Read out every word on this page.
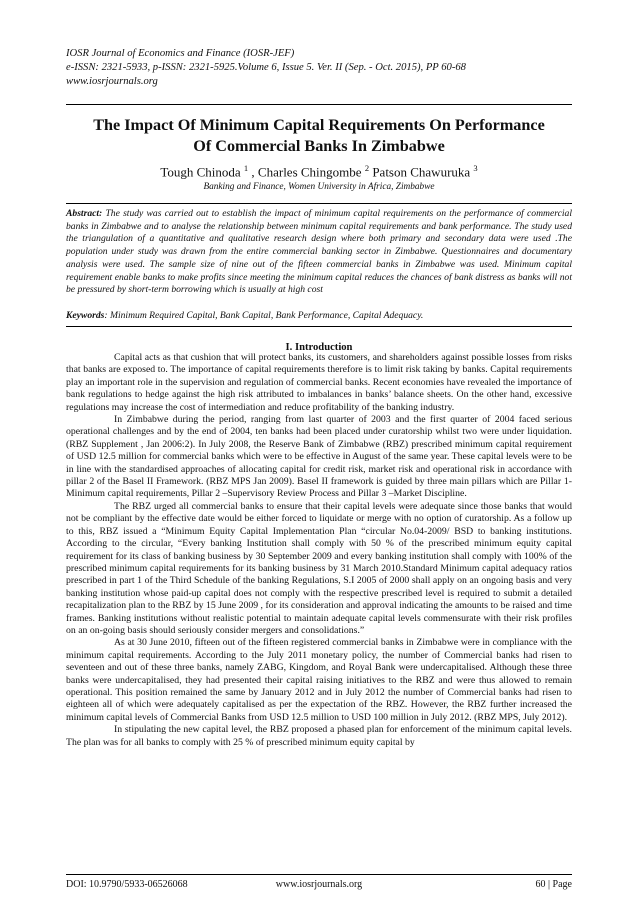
IOSR Journal of Economics and Finance (IOSR-JEF)
e-ISSN: 2321-5933, p-ISSN: 2321-5925.Volume 6, Issue 5. Ver. II (Sep. - Oct. 2015), PP 60-68
www.iosrjournals.org
The Impact Of Minimum Capital Requirements On Performance
Of Commercial Banks In Zimbabwe
Tough Chinoda $^1$ , Charles Chingombe $^2$ Patson Chawuruka $^3$
Banking and Finance, Women University in Africa, Zimbabwe
Abstract: The study was carried out to establish the impact of minimum capital requirements on the performance of commercial banks in Zimbabwe and to analyse the relationship between minimum capital requirements and bank performance. The study used the triangulation of a quantitative and qualitative research design where both primary and secondary data were used .The population under study was drawn from the entire commercial banking sector in Zimbabwe. Questionnaires and documentary analysis were used. The sample size of nine out of the fifteen commercial banks in Zimbabwe was used. Minimum capital requirement enable banks to make profits since meeting the minimum capital reduces the chances of bank distress as banks will not be pressured by short-term borrowing which is usually at high cost
Keywords: Minimum Required Capital, Bank Capital, Bank Performance, Capital Adequacy.
I. Introduction

Capital acts as that cushion that will protect banks, its customers, and shareholders against possible losses from risks that banks are exposed to. The importance of capital requirements therefore is to limit risk taking by banks. Capital requirements play an important role in the supervision and regulation of commercial banks. Recent economies have revealed the importance of bank regulations to hedge against the high risk attributed to imbalances in banks’ balance sheets. On the other hand, excessive regulations may increase the cost of intermediation and reduce profitability of the banking industry.

In Zimbabwe during the period, ranging from last quarter of 2003 and the first quarter of 2004 faced serious operational challenges and by the end of 2004, ten banks had been placed under curatorship whilst two were under liquidation.(RBZ Supplement , Jan 2006:2). In July 2008, the Reserve Bank of Zimbabwe (RBZ) prescribed minimum capital requirement of USD 12.5 million for commercial banks which were to be effective in August of the same year. These capital levels were to be in line with the standardised approaches of allocating capital for credit risk, market risk and operational risk in accordance with pillar 2 of the Basel II Framework. (RBZ MPS Jan 2009). Basel II framework is guided by three main pillars which are Pillar 1-Minimum capital requirements, Pillar 2 –Supervisory Review Process and Pillar 3 –Market Discipline.

The RBZ urged all commercial banks to ensure that their capital levels were adequate since those banks that would not be compliant by the effective date would be either forced to liquidate or merge with no option of curatorship. As a follow up to this, RBZ issued a “Minimum Equity Capital Implementation Plan “circular No.04-2009/ BSD to banking institutions. According to the circular, “Every banking Institution shall comply with 50 % of the prescribed minimum equity capital requirement for its class of banking business by 30 September 2009 and every banking institution shall comply with 100% of the prescribed minimum capital requirements for its banking business by 31 March 2010.Standard Minimum capital adequacy ratios prescribed in part 1 of the Third Schedule of the banking Regulations, S.I 2005 of 2000 shall apply on an ongoing basis and very banking institution whose paid-up capital does not comply with the respective prescribed level is required to submit a detailed recapitalization plan to the RBZ by 15 June 2009 , for its consideration and approval indicating the amounts to be raised and time frames. Banking institutions without realistic potential to maintain adequate capital levels commensurate with their risk profiles on an on-going basis should seriously consider mergers and consolidations.”

As at 30 June 2010, fifteen out of the fifteen registered commercial banks in Zimbabwe were in compliance with the minimum capital requirements. According to the July 2011 monetary policy, the number of Commercial banks had risen to seventeen and out of these three banks, namely ZABG, Kingdom, and Royal Bank were undercapitalised. Although these three banks were undercapitalised, they had presented their capital raising initiatives to the RBZ and were thus allowed to remain operational. This position remained the same by January 2012 and in July 2012 the number of Commercial banks had risen to eighteen all of which were adequately capitalised as per the expectation of the RBZ. However, the RBZ further increased the minimum capital levels of Commercial Banks from USD 12.5 million to USD 100 million in July 2012. (RBZ MPS, July 2012).

In stipulating the new capital level, the RBZ proposed a phased plan for enforcement of the minimum capital levels. The plan was for all banks to comply with 25 % of prescribed minimum equity capital by

DOI: 10.9790/5933-06526068	www.iosrjournals.org	60 | Page
